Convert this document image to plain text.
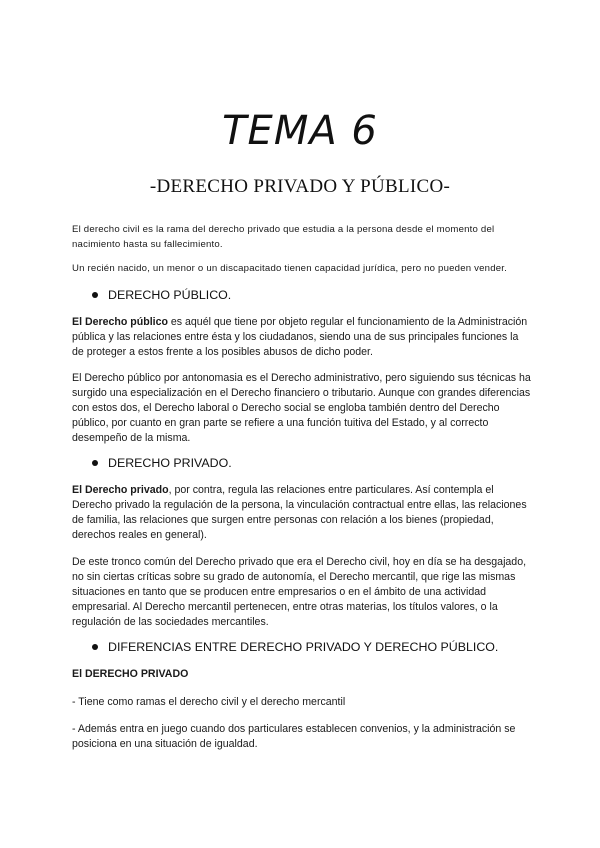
TEMA 6
-DERECHO PRIVADO Y PÚBLICO-
El derecho civil es la rama del derecho privado que estudia a la persona desde el momento del nacimiento hasta su fallecimiento.
Un recién nacido, un menor o un discapacitado tienen capacidad jurídica, pero no pueden vender.
DERECHO PÚBLICO.
El Derecho público es aquél que tiene por objeto regular el funcionamiento de la Administración pública y las relaciones entre ésta y los ciudadanos, siendo una de sus principales funciones la de proteger a estos frente a los posibles abusos de dicho poder.
El Derecho público por antonomasia es el Derecho administrativo, pero siguiendo sus técnicas ha surgido una especialización en el Derecho financiero o tributario. Aunque con grandes diferencias con estos dos, el Derecho laboral o Derecho social se engloba también dentro del Derecho público, por cuanto en gran parte se refiere a una función tuitiva del Estado, y al correcto desempeño de la misma.
DERECHO PRIVADO.
El Derecho privado, por contra, regula las relaciones entre particulares. Así contempla el Derecho privado la regulación de la persona, la vinculación contractual entre ellas, las relaciones de familia, las relaciones que surgen entre personas con relación a los bienes (propiedad, derechos reales en general).
De este tronco común del Derecho privado que era el Derecho civil, hoy en día se ha desgajado, no sin ciertas críticas sobre su grado de autonomía, el Derecho mercantil, que rige las mismas situaciones en tanto que se producen entre empresarios o en el ámbito de una actividad empresarial. Al Derecho mercantil pertenecen, entre otras materias, los títulos valores, o la regulación de las sociedades mercantiles.
DIFERENCIAS ENTRE DERECHO PRIVADO Y DERECHO PÚBLICO.
El DERECHO PRIVADO
- Tiene como ramas el derecho civil y el derecho mercantil
- Además entra en juego cuando dos particulares establecen convenios, y la administración se posiciona en una situación de igualdad.
